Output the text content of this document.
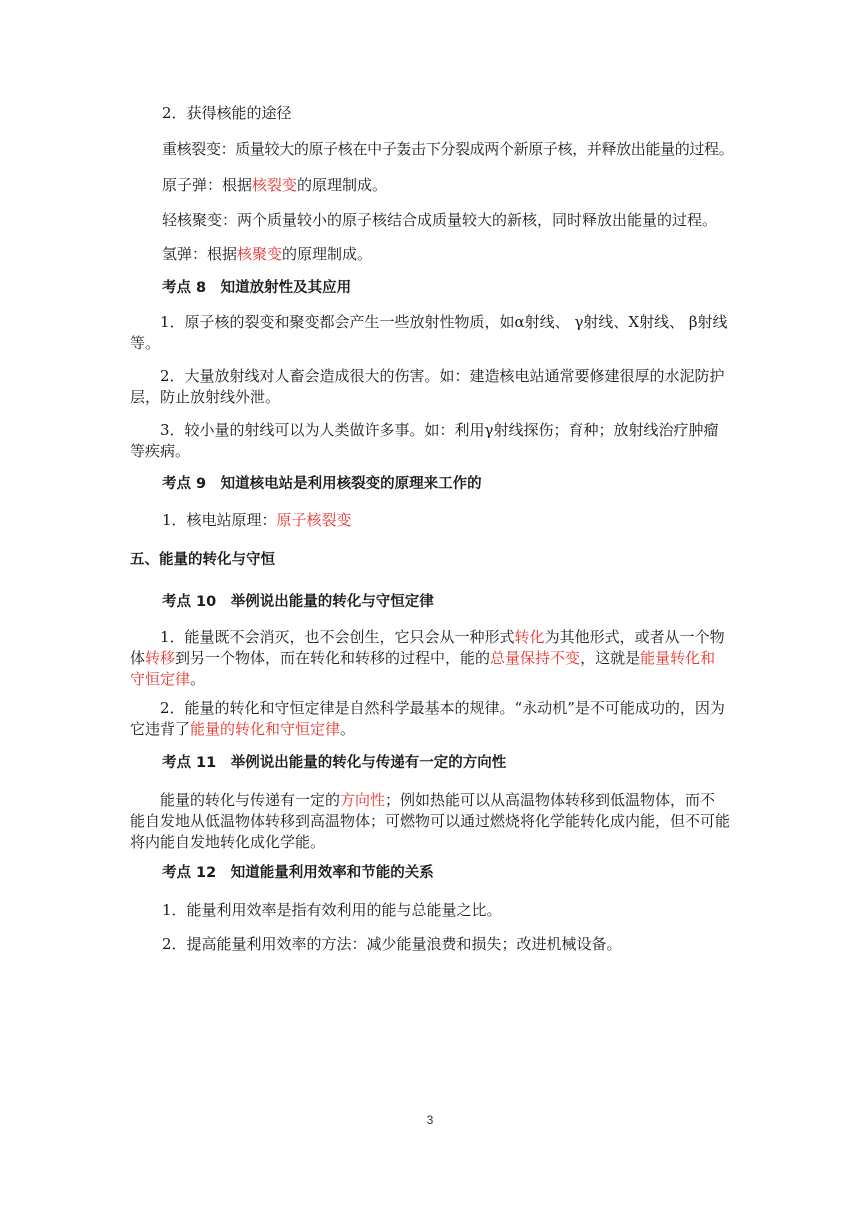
2．获得核能的途径

重核裂变：质量较大的原子核在中子轰击下分裂成两个新原子核，并释放出能量的过程。

原子弹：根据核裂变的原理制成。

轻核聚变：两个质量较小的原子核结合成质量较大的新核，同时释放出能量的过程。

氢弹：根据核聚变的原理制成。

考点 8　知道放射性及其应用

1．原子核的裂变和聚变都会产生一些放射性物质，如α射线、 γ射线、X射线、 β射线等。

2．大量放射线对人畜会造成很大的伤害。如：建造核电站通常要修建很厚的水泥防护层，防止放射线外泄。

3．较小量的射线可以为人类做许多事。如：利用γ射线探伤；育种；放射线治疗肿瘤等疾病。

考点 9　知道核电站是利用核裂变的原理来工作的

1．核电站原理：原子核裂变

五、能量的转化与守恒

考点 10　举例说出能量的转化与守恒定律

1．能量既不会消灭，也不会创生，它只会从一种形式转化为其他形式，或者从一个物体转移到另一个物体，而在转化和转移的过程中，能的总量保持不变，这就是能量转化和守恒定律。

2．能量的转化和守恒定律是自然科学最基本的规律。“永动机”是不可能成功的，因为它违背了能量的转化和守恒定律。

考点 11　举例说出能量的转化与传递有一定的方向性

能量的转化与传递有一定的方向性；例如热能可以从高温物体转移到低温物体，而不能自发地从低温物体转移到高温物体；可燃物可以通过燃烧将化学能转化成内能，但不可能将内能自发地转化成化学能。

考点 12　知道能量利用效率和节能的关系

1．能量利用效率是指有效利用的能与总能量之比。

2．提高能量利用效率的方法：减少能量浪费和损失；改进机械设备。

3
